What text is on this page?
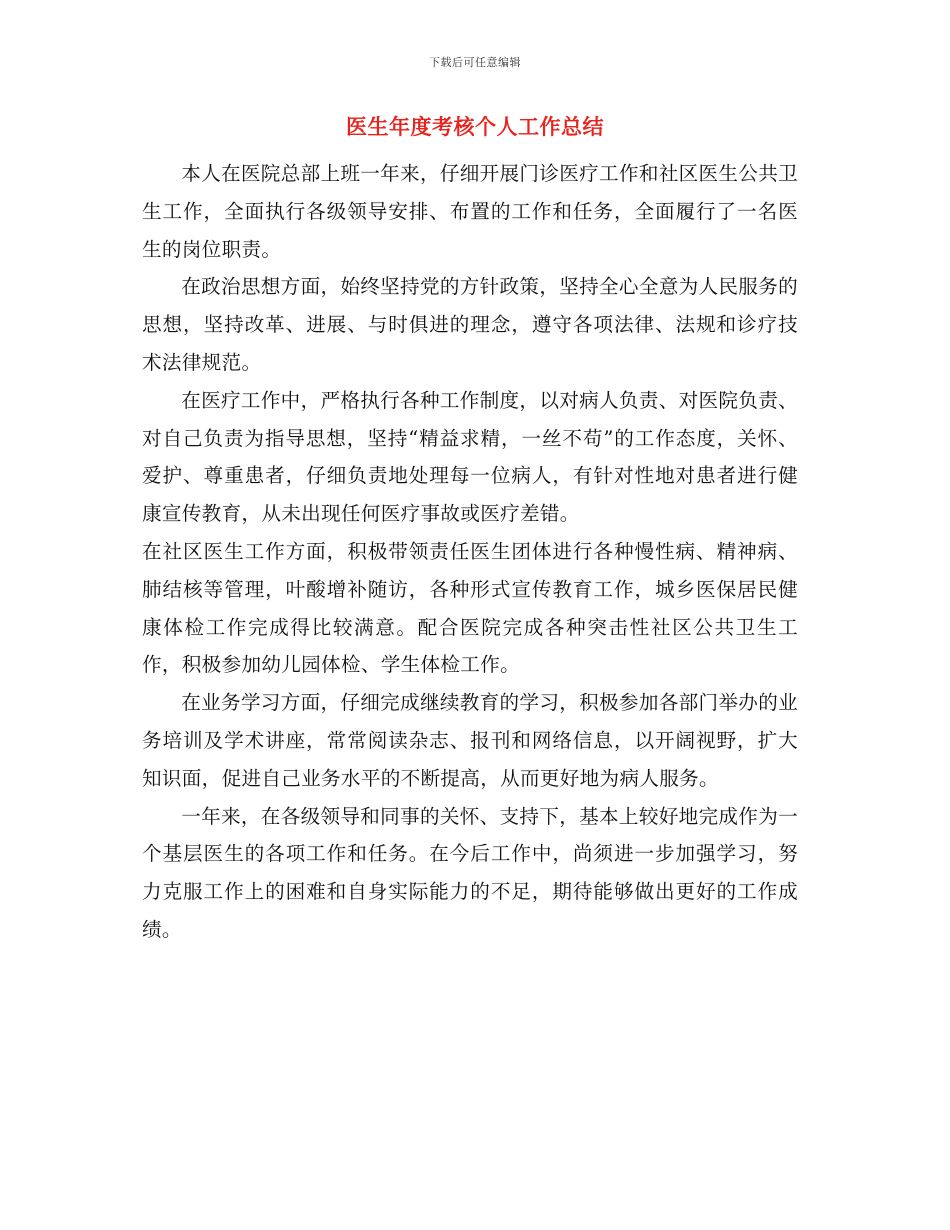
下载后可任意编辑
医生年度考核个人工作总结

本人在医院总部上班一年来，仔细开展门诊医疗工作和社区医生公共卫生工作，全面执行各级领导安排、布置的工作和任务，全面履行了一名医生的岗位职责。

在政治思想方面，始终坚持党的方针政策，坚持全心全意为人民服务的思想，坚持改革、进展、与时俱进的理念，遵守各项法律、法规和诊疗技术法律规范。

在医疗工作中，严格执行各种工作制度，以对病人负责、对医院负责、对自己负责为指导思想，坚持“精益求精，一丝不苟”的工作态度，关怀、爱护、尊重患者，仔细负责地处理每一位病人，有针对性地对患者进行健康宣传教育，从未出现任何医疗事故或医疗差错。

在社区医生工作方面，积极带领责任医生团体进行各种慢性病、精神病、肺结核等管理，叶酸增补随访，各种形式宣传教育工作，城乡医保居民健康体检工作完成得比较满意。配合医院完成各种突击性社区公共卫生工作，积极参加幼儿园体检、学生体检工作。

在业务学习方面，仔细完成继续教育的学习，积极参加各部门举办的业务培训及学术讲座，常常阅读杂志、报刊和网络信息，以开阔视野，扩大知识面，促进自己业务水平的不断提高，从而更好地为病人服务。

一年来，在各级领导和同事的关怀、支持下，基本上较好地完成作为一个基层医生的各项工作和任务。在今后工作中，尚须进一步加强学习，努力克服工作上的困难和自身实际能力的不足，期待能够做出更好的工作成绩。
